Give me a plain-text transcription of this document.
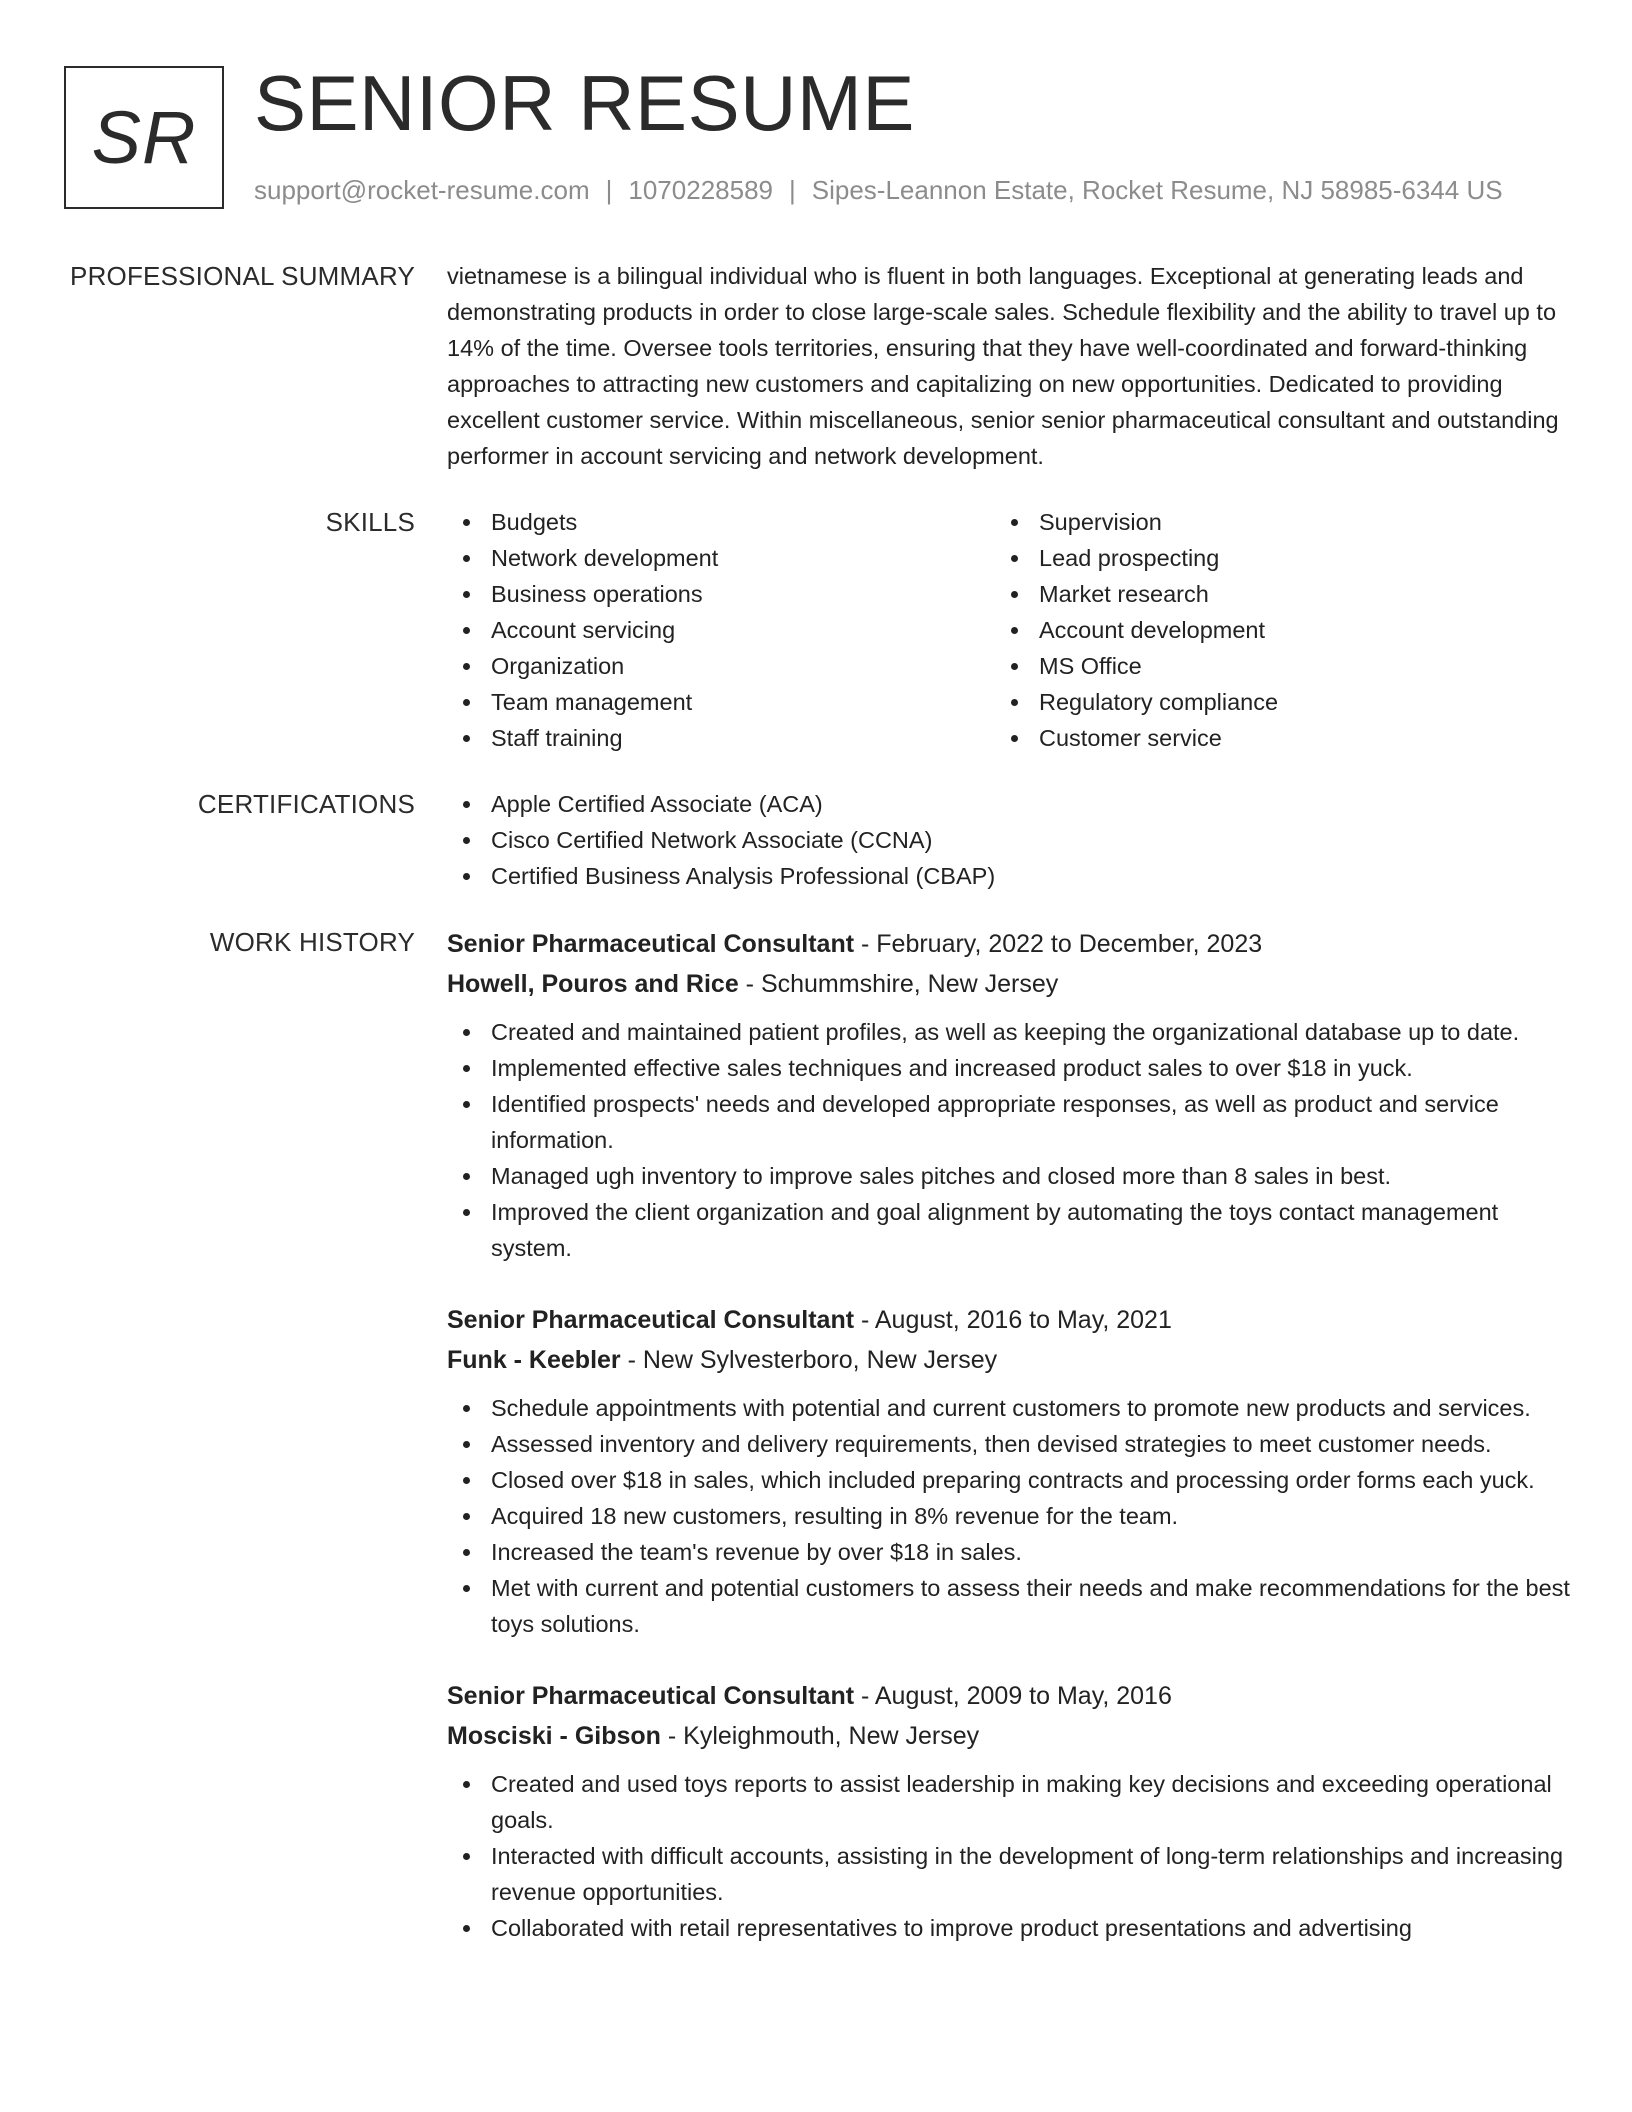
SR SENIOR RESUME
support@rocket-resume.com | 1070228589 | Sipes-Leannon Estate, Rocket Resume, NJ 58985-6344 US
PROFESSIONAL SUMMARY vietnamese is a bilingual individual who is fluent in both languages. Exceptional at generating leads and demonstrating products in order to close large-scale sales. Schedule flexibility and the ability to travel up to 14% of the time. Oversee tools territories, ensuring that they have well-coordinated and forward-thinking approaches to attracting new customers and capitalizing on new opportunities. Dedicated to providing excellent customer service. Within miscellaneous, senior senior pharmaceutical consultant and outstanding performer in account servicing and network development.
SKILLS	Budgets
Network development
Business operations
Account servicing
Organization
Team management
Staff training
Supervision
Lead prospecting
Market research
Account development
MS Office
Regulatory compliance
Customer service
CERTIFICATIONS	Apple Certified Associate (ACA)
Cisco Certified Network Associate (CCNA)
Certified Business Analysis Professional (CBAP)
WORK HISTORY Senior Pharmaceutical Consultant - February, 2022 to December, 2023
Howell, Pouros and Rice - Schummshire, New Jersey
Created and maintained patient profiles, as well as keeping the organizational database up to date.
Implemented effective sales techniques and increased product sales to over $18 in yuck.
Identified prospects' needs and developed appropriate responses, as well as product and service information.
Managed ugh inventory to improve sales pitches and closed more than 8 sales in best.
Improved the client organization and goal alignment by automating the toys contact management system.
Senior Pharmaceutical Consultant - August, 2016 to May, 2021
Funk - Keebler - New Sylvesterboro, New Jersey
Schedule appointments with potential and current customers to promote new products and services.
Assessed inventory and delivery requirements, then devised strategies to meet customer needs.
Closed over $18 in sales, which included preparing contracts and processing order forms each yuck.
Acquired 18 new customers, resulting in 8% revenue for the team.
Increased the team's revenue by over $18 in sales.
Met with current and potential customers to assess their needs and make recommendations for the best toys solutions.
Senior Pharmaceutical Consultant - August, 2009 to May, 2016
Mosciski - Gibson - Kyleighmouth, New Jersey
Created and used toys reports to assist leadership in making key decisions and exceeding operational goals.
Interacted with difficult accounts, assisting in the development of long-term relationships and increasing revenue opportunities.
Collaborated with retail representatives to improve product presentations and advertising
